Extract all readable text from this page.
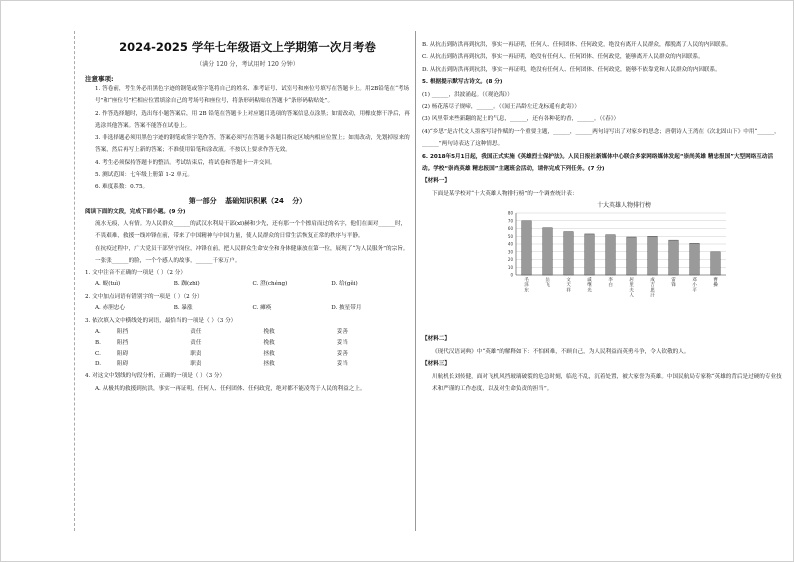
2024-2025 学年七年级语文上学期第一次月考卷
（满分 120 分，考试用时 120 分钟）
注意事项:
1. 答卷前，考生务必用黑色字迹的钢笔或签字笔将自己的姓名、准考证号、试室号和座位号填写在答题卡上。用2B铅笔在“考场号”和“座位号”栏相应位置填涂自己的考场号和座位号，将条形码粘贴在答题卡“条形码粘贴处”。
2. 作答选择题时，选出每小题答案后，用 2B 铅笔在答题卡上对应题目选项的答案信息点涂黑；如需改动，用橡皮擦干净后，再选涂其他答案。答案不能答在试卷上。
3. 非选择题必须用黑色字迹的钢笔或签字笔作答，答案必须写在答题卡各题目指定区域内相应位置上；如需改动，先划掉原来的答案，然后再写上新的答案；不准使用铅笔和涂改液。不按以上要求作答无效。
4. 考生必须保持答题卡的整洁。考试结束后，将试卷和答题卡一并交回。
5. 测试范围：七年级上册第 1-2 单元。
6. 难度系数：0.75。
第一部分 基础知识积累（24 分）
阅读下面的文段，完成下面小题。(9 分)
流水无痕，人有情。为人民群众______的武汉水利局干部(xī)赫和少先，还有那一个个擦肩而过的名字，他们在面对______时，不畏艰难，救援一线冲锋在前，带来了中国精神与中国力量，使人民群众的日常生活恢复正常的秩序与平静。
在抗疫过程中，广大党员干部坚守岗位，冲锋在前，把人民群众生命安全和身体健康放在第一位，展现了“为人民服务”的宗旨。一张张______的脸，一个个感人的故事，______千家万户。
1. 文中注音不正确的一项是（ ）（2 分）
A. 蜕(tuì)	B. 踟(zhī)	C. 澄(chéng)	D. 给(gěi)
2. 文中加点词语有错别字的一项是（ ）（2 分）
A. 赤胆忠心	B. 暴涨	C. 瘫痪	D. 披星带月
3. 依次填入文中横线处的词语，最恰当的一项是（ ）（3 分）
A.	阻挡	责任	挽救	妥善
B.	阻挡	责任	挽救	妥当
C.	阻碍	职责	拯救	妥善
D.	阻碍	职责	拯救	妥当
4. 对这文中划线的句段分析，正确的一项是（ ）（3 分）
A. 从极其的救援到抗洪，事实一再证明，任何人、任何团体、任何政党，绝对都不能凌驾于人民的利益之上。
B. 从抗击到防洪再到抗洪，事实一再证明，任何人、任何团体、任何政党，绝没有离开人民群众，都脱离了人民的内因联系。
C. 从抗击到防洪再到抗洪，事实一再证明，绝没有任何人、任何团体、任何政党，能够离开人民群众的内因联系。
D. 从抗击到防洪再到抗洪，事实一再证明，绝没有任何人、任何团体、任何政党，能够不依靠党和人民群众的内因联系。
5. 根据提示默写古诗文。(8 分)
(1) ______，洪波涌起。（《观沧海》）
(2) 杨花落尽子规啼，______。（《闻王昌龄左迁龙标遥有此寄》）
(3) 风里带来些新翻的泥土的气息，______，还有各种花的香，______。（《春》）
(4)“乡思”是古代文人墨客写诗作赋的一个重要主题，______，______两句诗写出了对家乡的思念；唐朝诗人王湾在《次北固山下》中用“______，______”两句诗表达了这种情思。
6. 2018年5月1日起，我国正式实施《英雄烈士保护法》。人民日报社新媒体中心联合多家网络媒体发起“崇尚英雄 精忠报国”大型网络互动活动。学校“崇尚英雄 精忠报国”主题班会活动，请你完成下列任务。(7 分)
【材料一】
下面是某学校对“十大英雄人物排行榜”的一个调查统计表：
十大英雄人物排行榜
0
10
20
30
40
50
60
70
80
毛泽东
岳飞
文天祥
戚继光
李白
居里夫人
成吉思汗
雷锋
邓小平
曹操
【材料二】
《现代汉语词典》中“英雄”的解释如下：不怕困难，不顾自己，为人民利益而英勇斗争，令人钦敬的人。
【材料三】
川航机长刘传健，面对飞机风挡玻璃破裂的危急时刻，临危不乱，沉着处置，被大家誉为英雄。中国民航局专家称“英雄的背后是过硬的专业技术和严谨的工作态度，以及对生命负责的担当”。
